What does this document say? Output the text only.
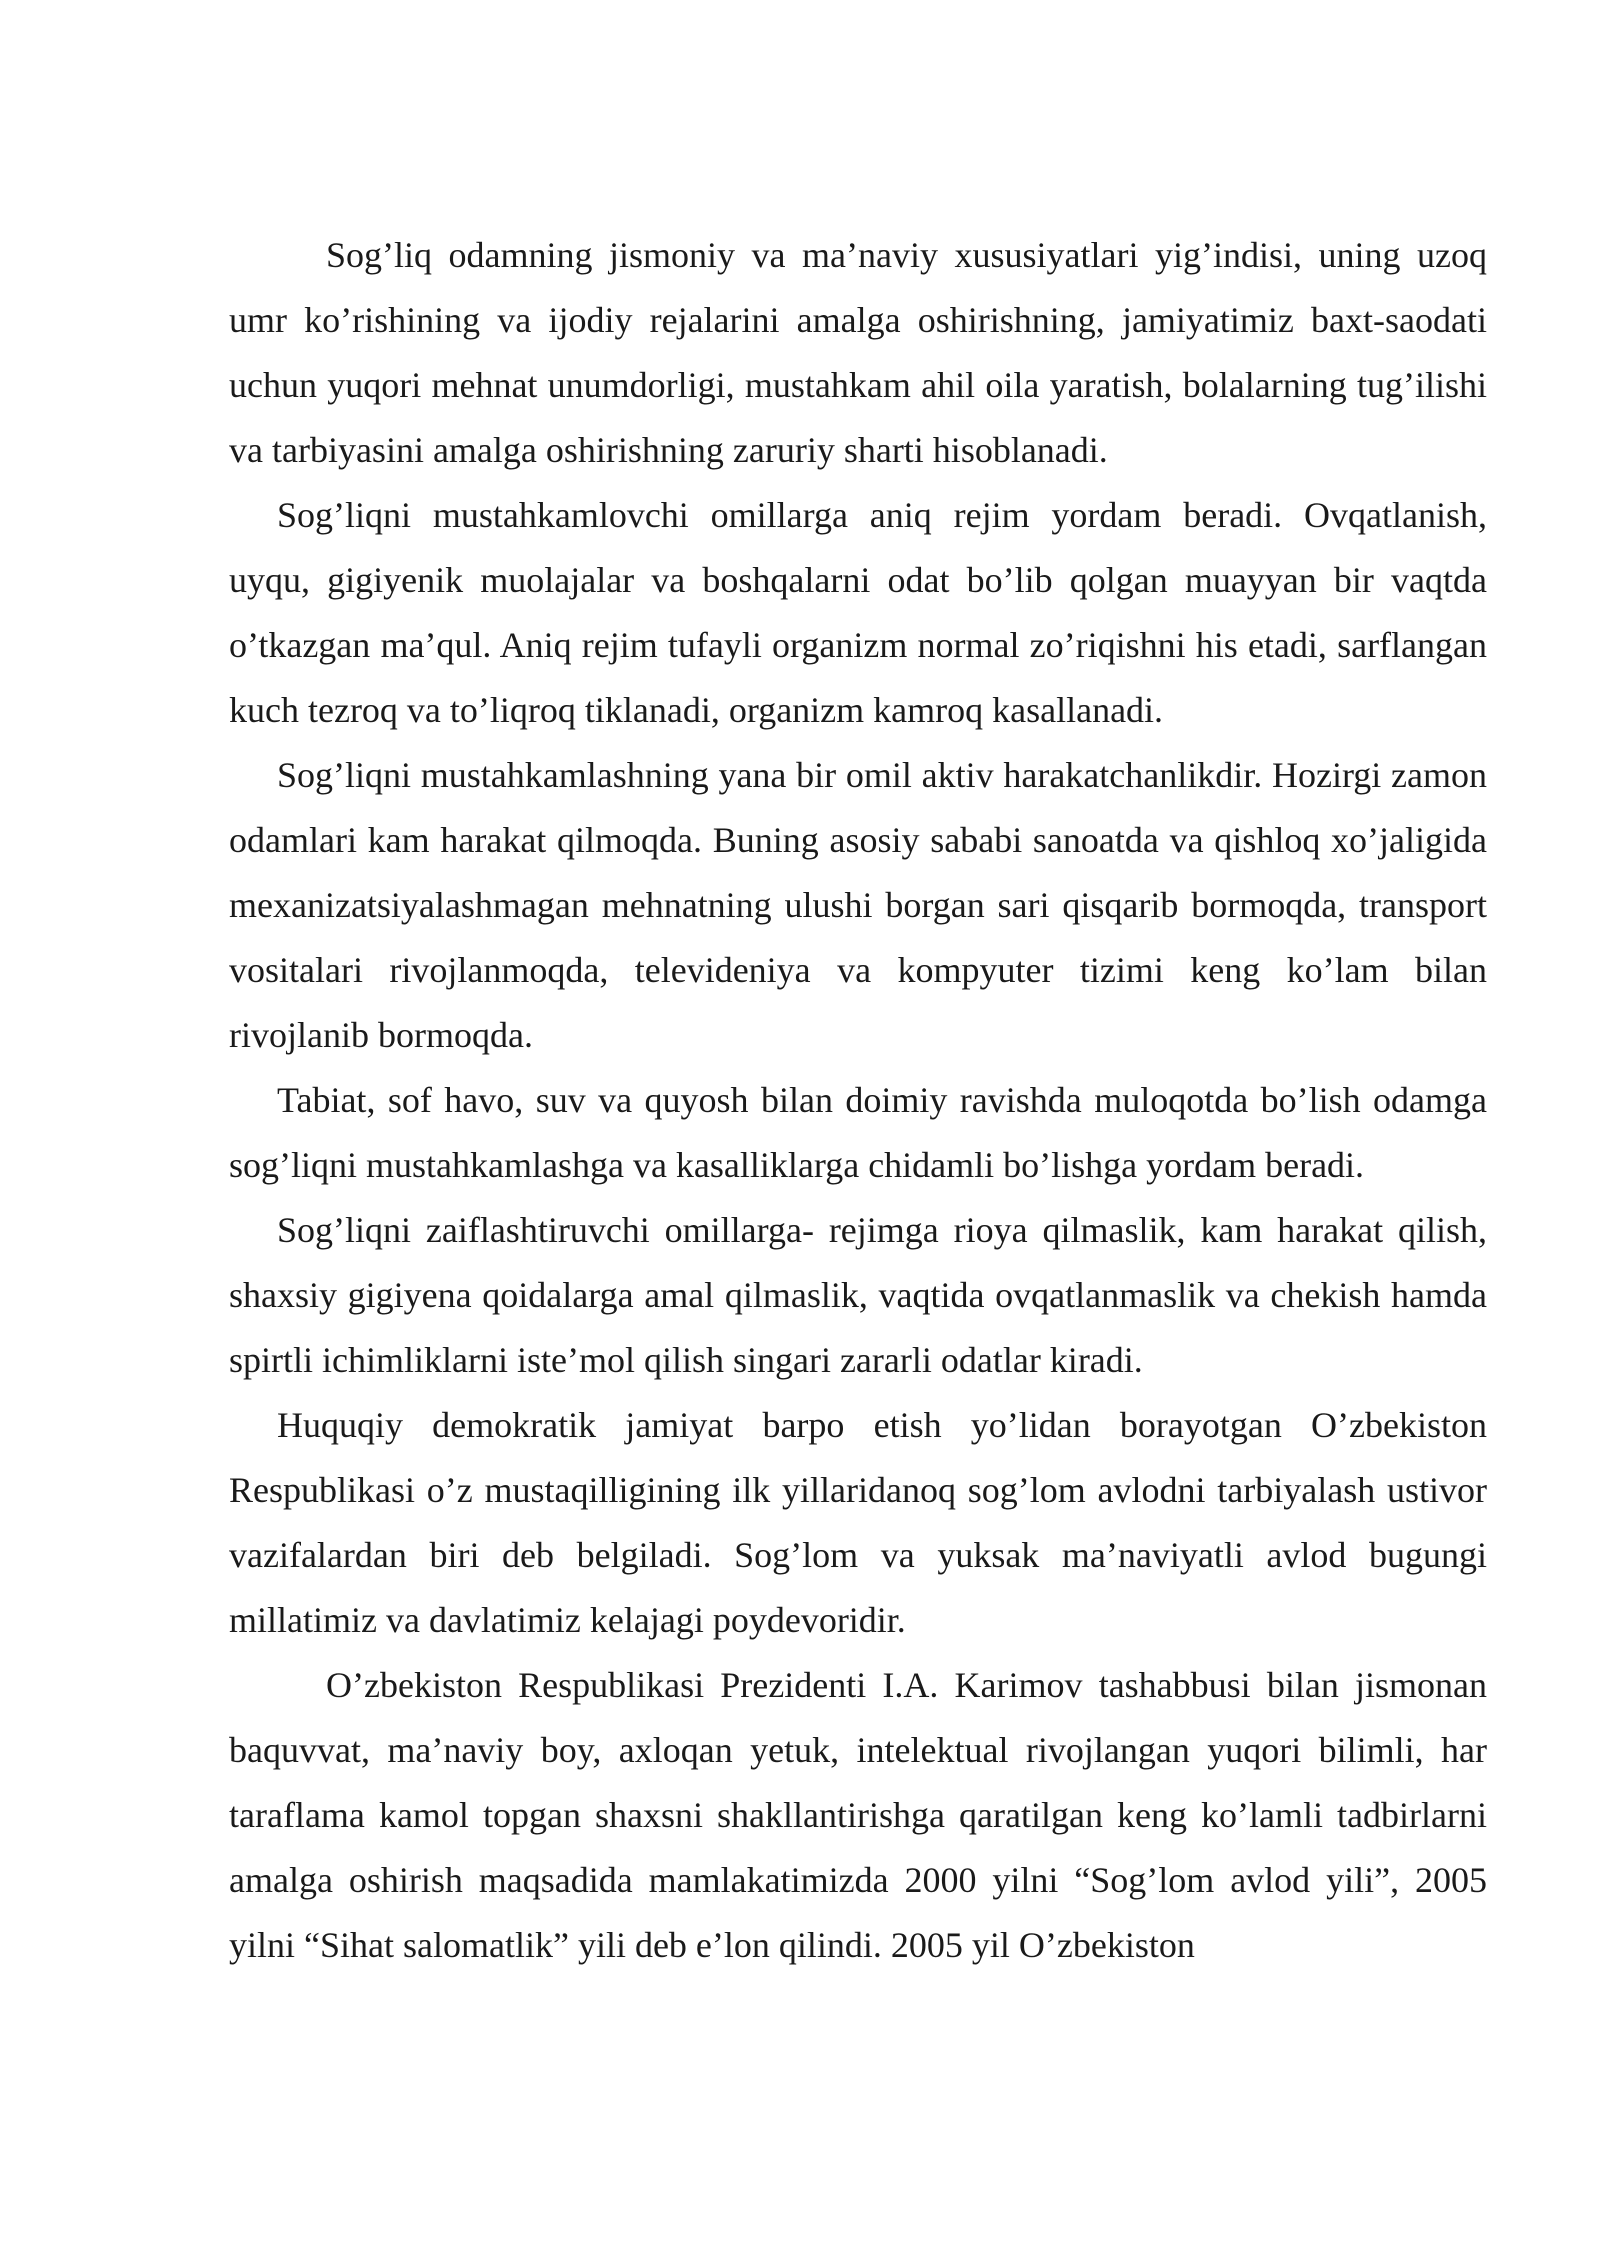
Sog’liq odamning jismoniy va ma’naviy xususiyatlari yig’indisi, uning uzoq umr ko’rishining va ijodiy rejalarini amalga oshirishning, jamiyatimiz baxt-saodati uchun yuqori mehnat unumdorligi, mustahkam ahil oila yaratish, bolalarning tug’ilishi va tarbiyasini amalga oshirishning zaruriy sharti hisoblanadi.

Sog’liqni mustahkamlovchi omillarga aniq rejim yordam beradi. Ovqatlanish, uyqu, gigiyenik muolajalar va boshqalarni odat bo’lib qolgan muayyan bir vaqtda o’tkazgan ma’qul. Aniq rejim tufayli organizm normal zo’riqishni his etadi, sarflangan kuch tezroq va to’liqroq tiklanadi, organizm kamroq kasallanadi.

Sog’liqni mustahkamlashning yana bir omil aktiv harakatchanlikdir. Hozirgi zamon odamlari kam harakat qilmoqda. Buning asosiy sababi sanoatda va qishloq xo’jaligida mexanizatsiyalashmagan mehnatning ulushi borgan sari qisqarib bormoqda, transport vositalari rivojlanmoqda, televideniya va kompyuter tizimi keng ko’lam bilan rivojlanib bormoqda.

Tabiat, sof havo, suv va quyosh bilan doimiy ravishda muloqotda bo’lish odamga sog’liqni mustahkamlashga va kasalliklarga chidamli bo’lishga yordam beradi.

Sog’liqni zaiflashtiruvchi omillarga- rejimga rioya qilmaslik, kam harakat qilish, shaxsiy gigiyena qoidalarga amal qilmaslik, vaqtida ovqatlanmaslik va chekish hamda spirtli ichimliklarni iste’mol qilish singari zararli odatlar kiradi.

Huquqiy demokratik jamiyat barpo etish yo’lidan borayotgan O’zbekiston Respublikasi o’z mustaqilligining ilk yillaridanoq sog’lom avlodni tarbiyalash ustivor vazifalardan biri deb belgiladi. Sog’lom va yuksak ma’naviyatli avlod bugungi millatimiz va davlatimiz kelajagi poydevoridir.

O’zbekiston Respublikasi Prezidenti I.A. Karimov tashabbusi bilan jismonan baquvvat, ma’naviy boy, axloqan yetuk, intelektual rivojlangan yuqori bilimli, har taraflama kamol topgan shaxsni shakllantirishga qaratilgan keng ko’lamli tadbirlarni amalga oshirish maqsadida mamlakatimizda 2000 yilni “Sog’lom avlod yili”, 2005 yilni “Sihat salomatlik” yili deb e’lon qilindi. 2005 yil O’zbekiston
